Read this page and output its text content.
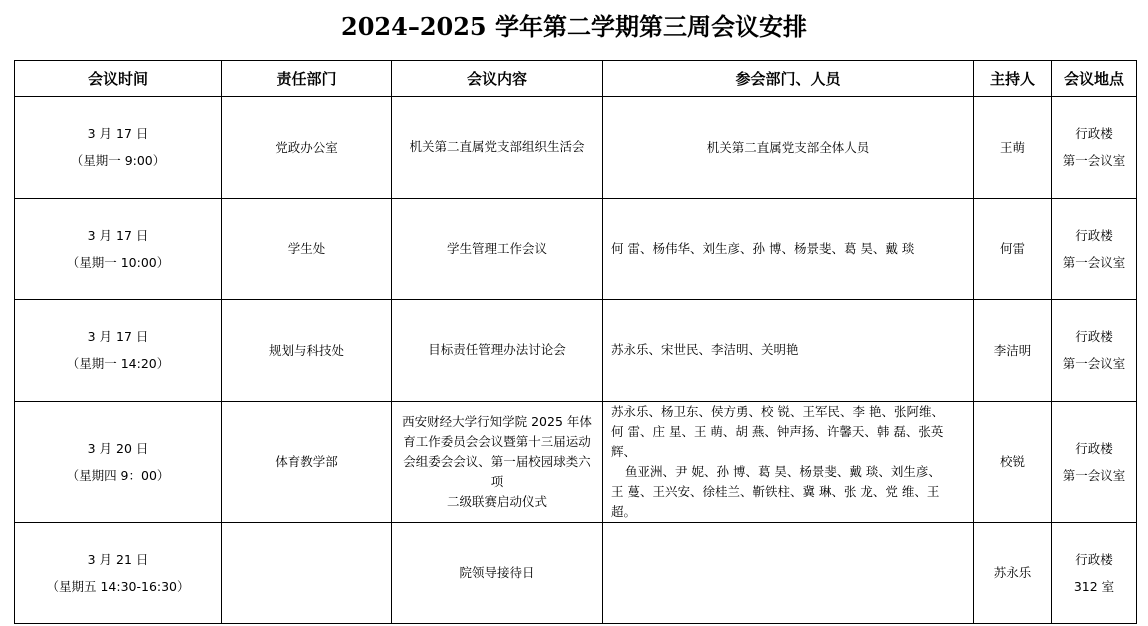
2024–2025 学年第二学期第三周会议安排
会议时间	责任部门	会议内容	参会部门、人员	主持人	会议地点

3 月 17 日
（星期一 9:00）	党政办公室	机关第二直属党支部组织生活会	机关第二直属党支部全体人员	王萌	行政楼
第一会议室

3 月 17 日
（星期一 10:00）	学生处	学生管理工作会议	何 雷、杨伟华、刘生彦、孙 博、杨景斐、葛 昊、戴 琰	何雷	行政楼
第一会议室

3 月 17 日
（星期一 14:20）	规划与科技处	目标责任管理办法讨论会	苏永乐、宋世民、李洁明、关明艳	李洁明	行政楼
第一会议室

3 月 20 日
（星期四 9：00）	体育教学部	西安财经大学行知学院 2025 年体
育工作委员会会议暨第十三届运动
会组委会会议、第一届校园球类六项
二级联赛启动仪式	苏永乐、杨卫东、侯方勇、校 锐、王军民、李 艳、张阿维、
何 雷、庄 星、王 萌、胡 燕、钟声扬、许馨天、韩 磊、张英辉、
鱼亚洲、尹 妮、孙 博、葛 昊、杨景斐、戴 琰、刘生彦、
王 蔓、王兴安、徐桂兰、靳铁柱、冀 琳、张 龙、党 维、王 超。	校锐	行政楼
第一会议室

3 月 21 日
（星期五 14:30-16:30）		院领导接待日		苏永乐	行政楼
312 室
